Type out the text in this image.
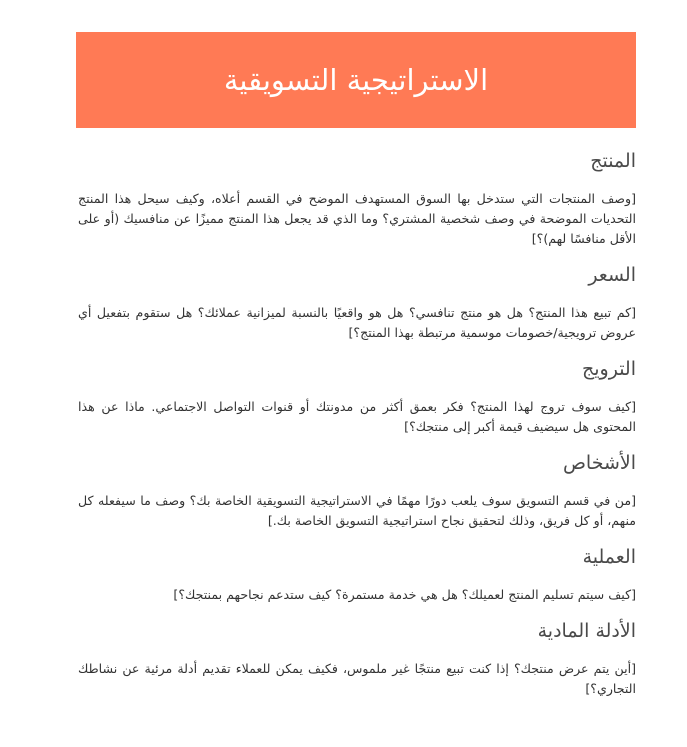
الاستراتيجية التسويقية
المنتج

[وصف المنتجات التي ستدخل بها السوق المستهدف الموضح في القسم أعلاه، وكيف سيحل هذا المنتج التحديات الموضحة في وصف شخصية المشتري؟ وما الذي قد يجعل هذا المنتج مميزًا عن منافسيك (أو على الأقل منافسًا لهم)؟]

السعر

[كم تبيع هذا المنتج؟ هل هو منتج تنافسي؟ هل هو واقعيًا بالنسبة لميزانية عملائك؟ هل ستقوم بتفعيل أي عروض ترويجية/خصومات موسمية مرتبطة بهذا المنتج؟]

الترويج

[كيف سوف تروج لهذا المنتج؟ فكر بعمق أكثر من مدونتك أو قنوات التواصل الاجتماعي. ماذا عن هذا المحتوى هل سيضيف قيمة أكبر إلى منتجك؟]

الأشخاص

[من في قسم التسويق سوف يلعب دورًا مهمًا في الاستراتيجية التسويقية الخاصة بك؟ وصف ما سيفعله كل منهم، أو كل فريق، وذلك لتحقيق نجاح استراتيجية التسويق الخاصة بك.]

العملية

[كيف سيتم تسليم المنتج لعميلك؟ هل هي خدمة مستمرة؟ كيف ستدعم نجاحهم بمنتجك؟]

الأدلة المادية

[أين يتم عرض منتجك؟ إذا كنت تبيع منتجًا غير ملموس، فكيف يمكن للعملاء تقديم أدلة مرئية عن نشاطك التجاري؟]
